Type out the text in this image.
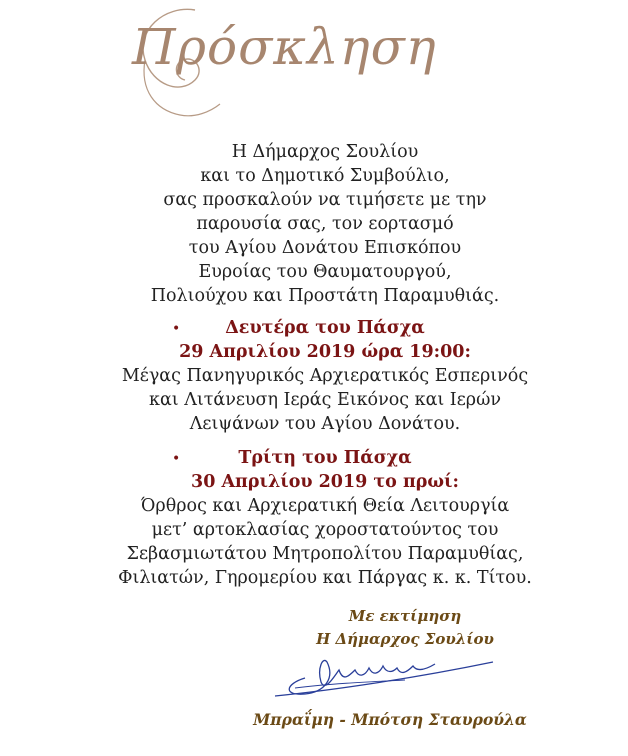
Πρόσκληση
Η Δήμαρχος Σουλίου
και το Δημοτικό Συμβούλιο,
σας προσκαλούν να τιμήσετε με την
παρουσία σας, τον εορτασμό
του Αγίου Δονάτου Επισκόπου
Ευροίας του Θαυματουργού,
Πολιούχου και Προστάτη Παραμυθιάς.
•	Δευτέρα του Πάσχα
29 Απριλίου 2019 ώρα 19:00:
Μέγας Πανηγυρικός Αρχιερατικός Εσπερινός
και Λιτάνευση Ιεράς Εικόνος και Ιερών
Λειψάνων του Αγίου Δονάτου.
•	Τρίτη του Πάσχα
30 Απριλίου 2019 το πρωί:
Όρθρος και Αρχιερατική Θεία Λειτουργία
μετ’ αρτοκλασίας χοροστατούντος του
Σεβασμιωτάτου Μητροπολίτου Παραμυθίας,
Φιλιατών, Γηρομερίου και Πάργας κ. κ. Τίτου.
Με εκτίμηση
Η Δήμαρχος Σουλίου
Μπραΐμη - Μπότση Σταυρούλα
